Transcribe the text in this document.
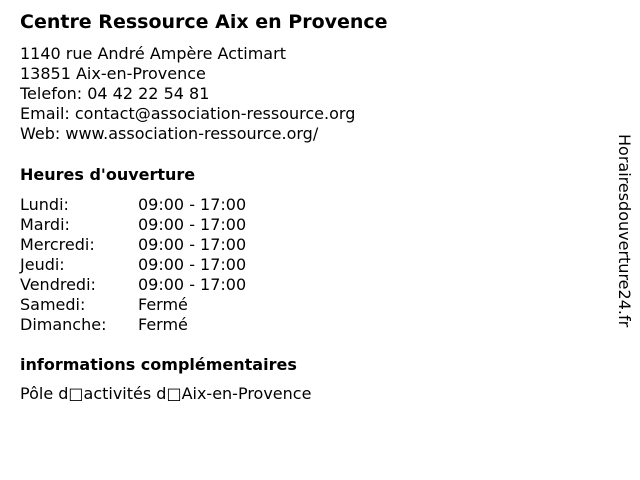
Centre Ressource Aix en Provence
1140 rue André Ampère Actimart
13851 Aix-en-Provence
Telefon: 04 42 22 54 81
Email: contact@association-ressource.org
Web: www.association-ressource.org/
Heures d'ouverture
Lundi:	09:00 - 17:00
Mardi:	09:00 - 17:00
Mercredi:	09:00 - 17:00
Jeudi:	09:00 - 17:00
Vendredi:	09:00 - 17:00
Samedi:	Fermé
Dimanche:	Fermé
informations complémentaires
Pôle d□activités d□Aix-en-Provence
Horairesdouverture24.fr
